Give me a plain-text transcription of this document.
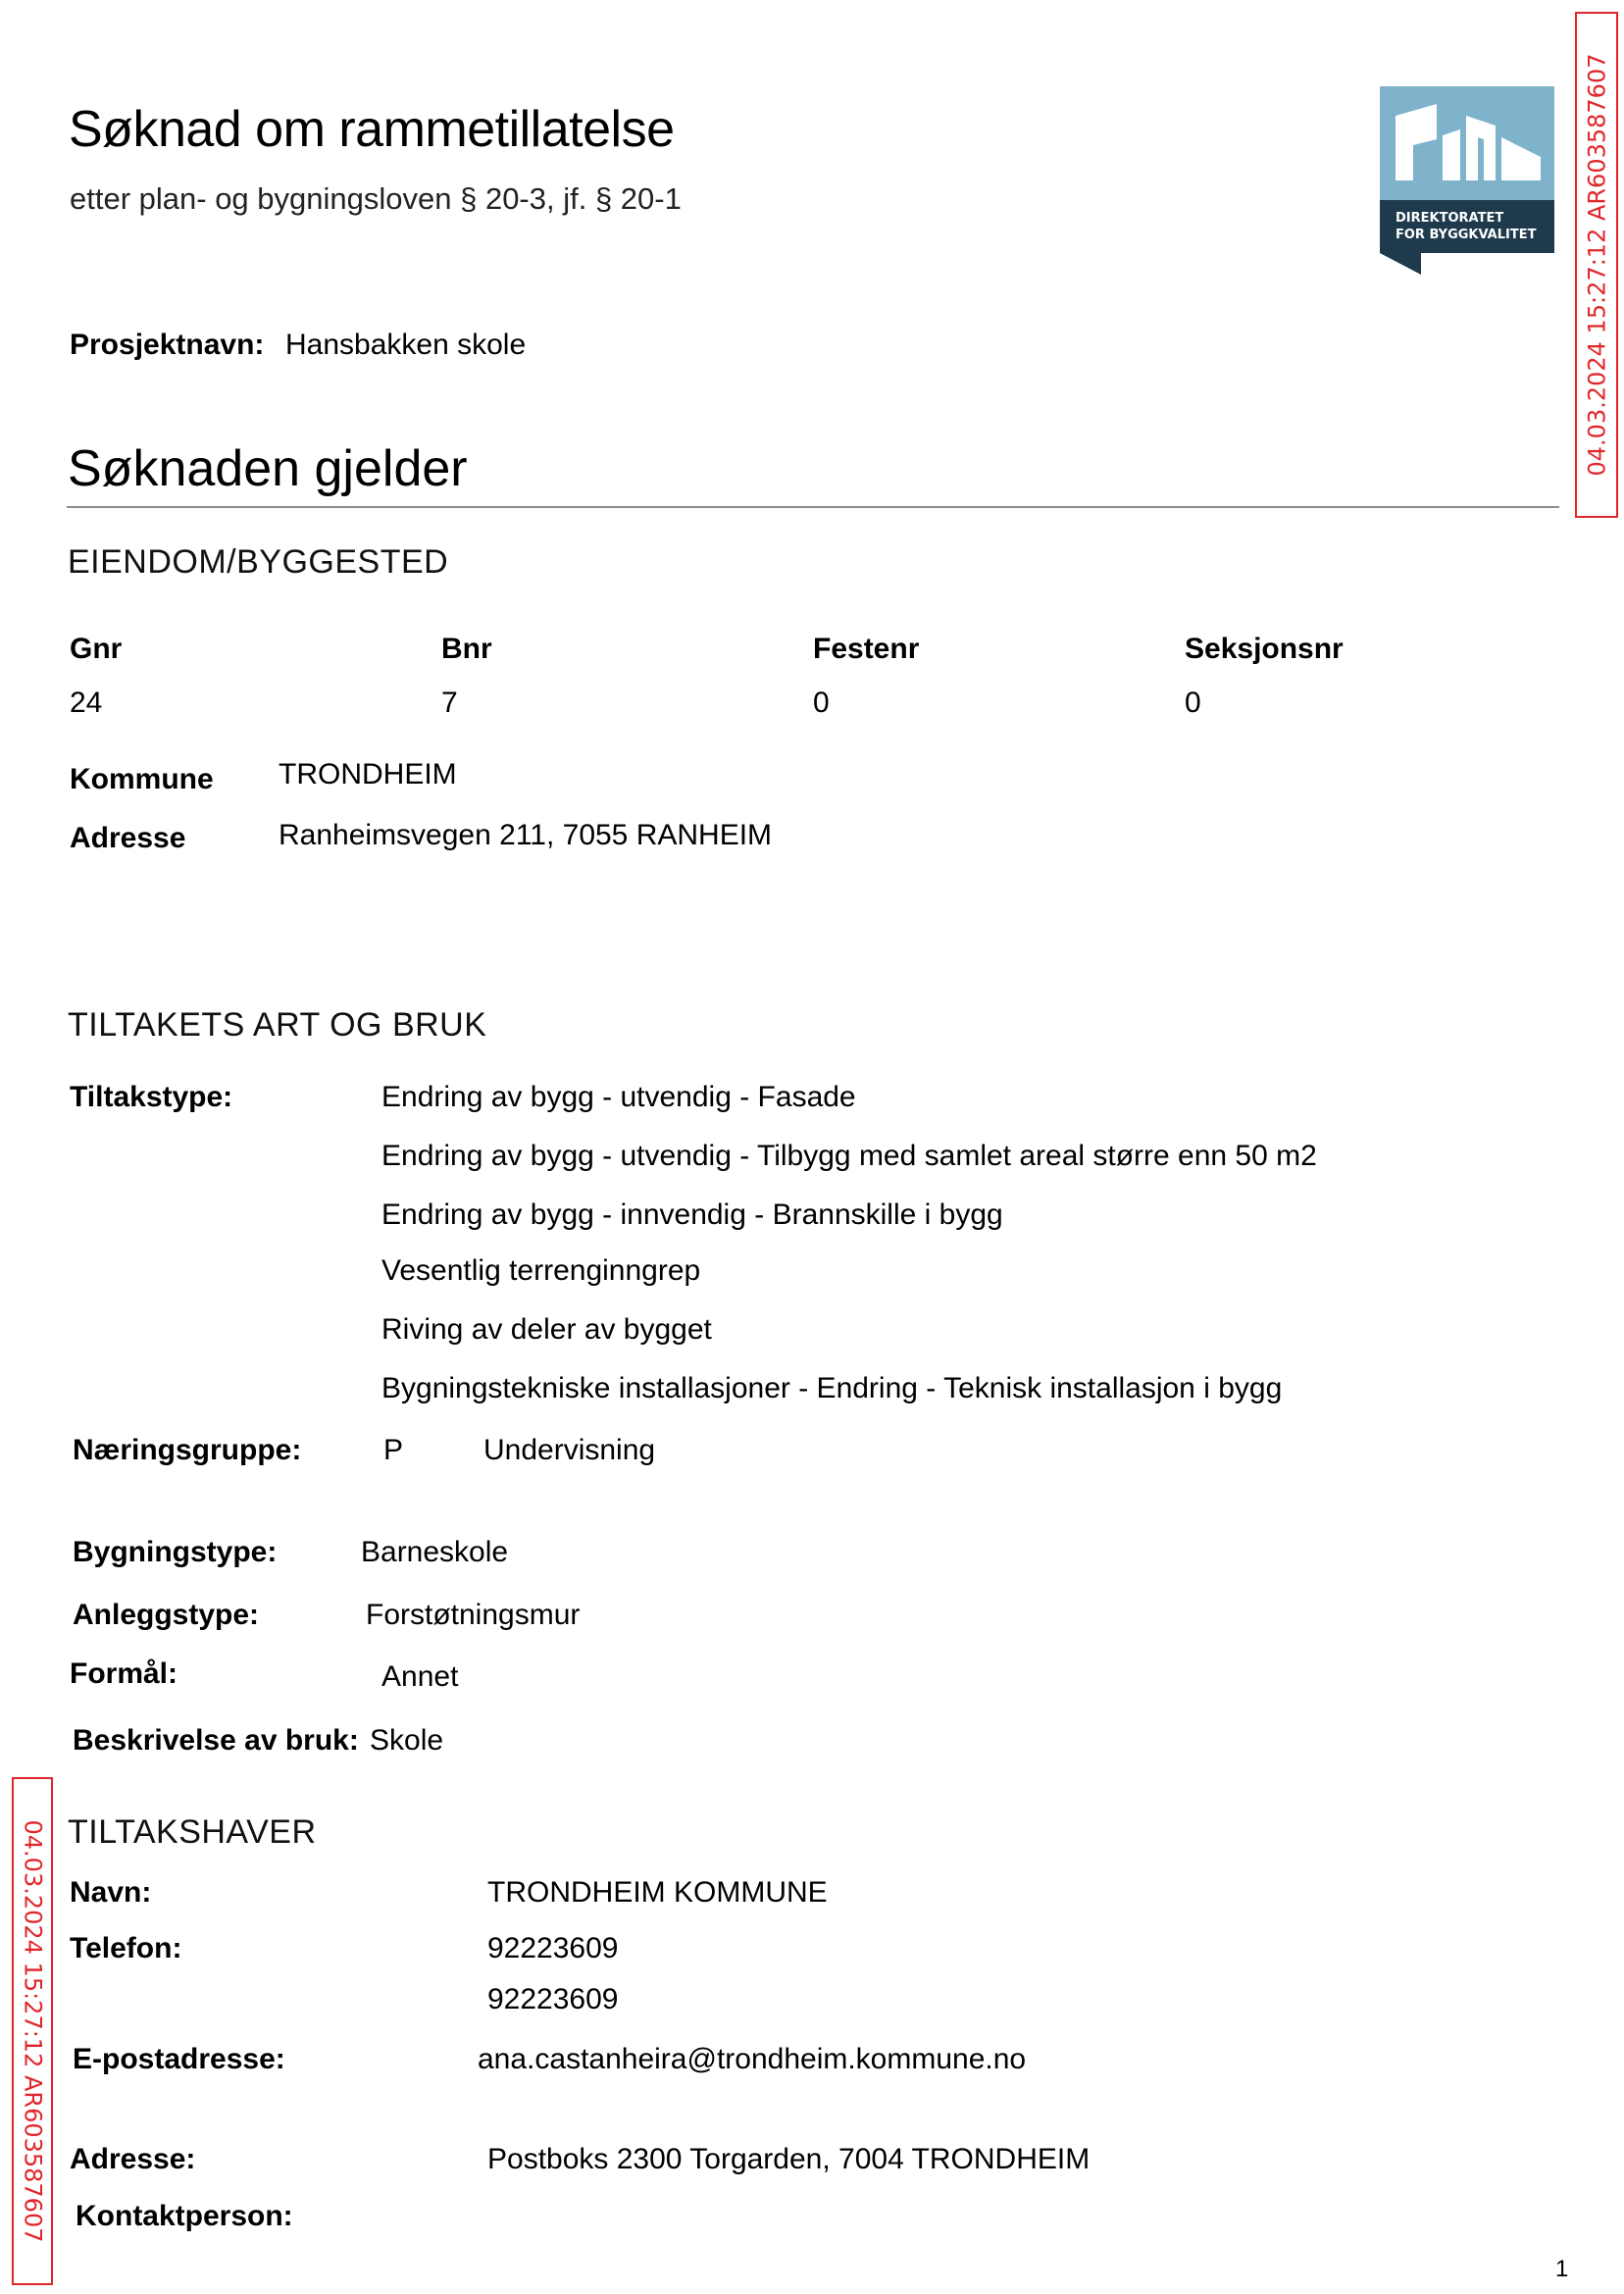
Søknad om rammetillatelse
etter plan- og bygningsloven § 20-3, jf. § 20-1
DIREKTORATET
FOR BYGGKVALITET 04.03.2024 15:27:12 AR603587607
04.03.2024 15:27:12 AR603587607
Prosjektnavn: Hansbakken skole
Søknaden gjelder
EIENDOM/BYGGESTED
Gnr	Bnr	Festenr	Seksjonsnr
24	7	0	0
Kommune TRONDHEIM
Adresse	Ranheimsvegen 211, 7055 RANHEIM
TILTAKETS ART OG BRUK
Tiltakstype:	Endring av bygg - utvendig - Fasade
Endring av bygg - utvendig - Tilbygg med samlet areal større enn 50 m2
Endring av bygg - innvendig - Brannskille i bygg
Vesentlig terrenginngrep
Riving av deler av bygget
Bygningstekniske installasjoner - Endring - Teknisk installasjon i bygg
Næringsgruppe:	P	Undervisning
Bygningstype:	Barneskole
Anleggstype:	Forstøtningsmur
Formål:	Annet
Beskrivelse av bruk: Skole
TILTAKSHAVER
Navn:	TRONDHEIM KOMMUNE
Telefon:	92223609
92223609
E-postadresse:	ana.castanheira@trondheim.kommune.no
Adresse:	Postboks 2300 Torgarden, 7004 TRONDHEIM
Kontaktperson:
1
